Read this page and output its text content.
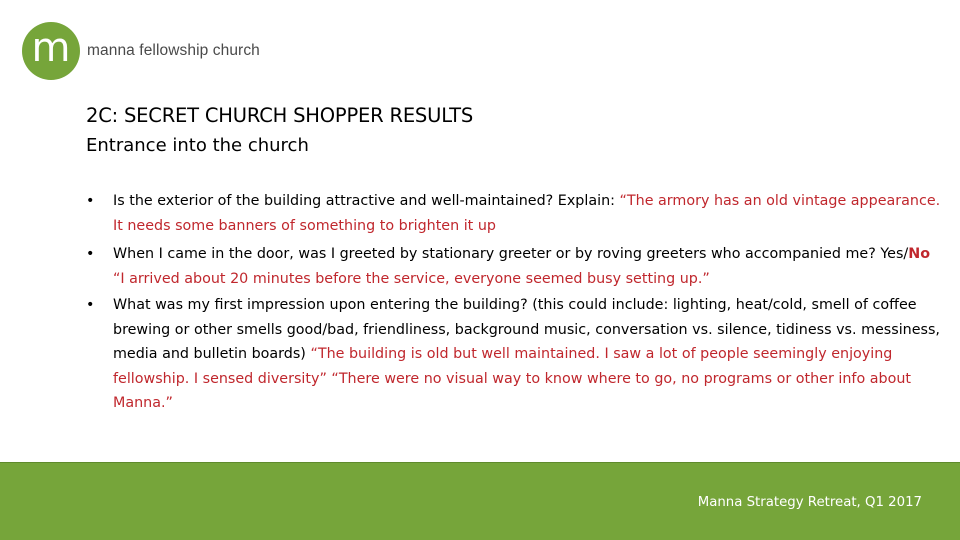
m manna fellowship church
2C: SECRET CHURCH SHOPPER RESULTS
Entrance into the church
• Is the exterior of the building attractive and well-maintained? Explain: “The armory has an old vintage appearance. It needs some banners of something to brighten it up
• When I came in the door, was I greeted by stationary greeter or by roving greeters who accompanied me? Yes/No “I arrived about 20 minutes before the service, everyone seemed busy setting up.”
• What was my first impression upon entering the building? (this could include: lighting, heat/cold, smell of coffee brewing or other smells good/bad, friendliness, background music, conversation vs. silence, tidiness vs. messiness, media and bulletin boards) “The building is old but well maintained. I saw a lot of people seemingly enjoying fellowship. I sensed diversity” “There were no visual way to know where to go, no programs or other info about Manna.”
Manna Strategy Retreat, Q1 2017
